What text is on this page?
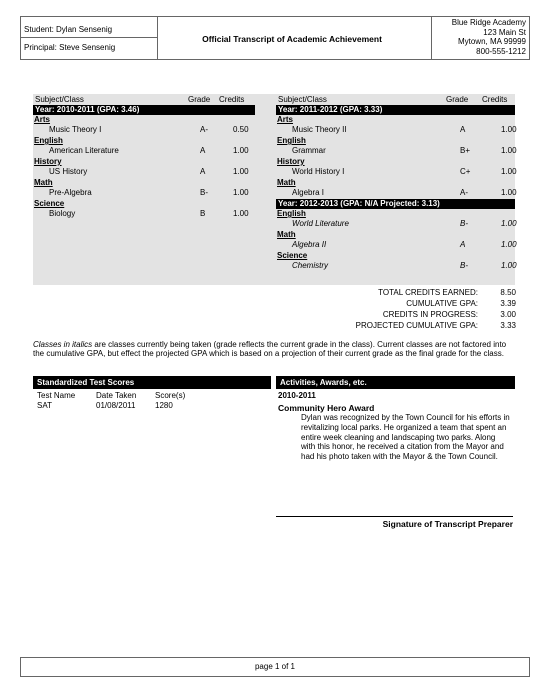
Student: Dylan Sensenig
Principal: Steve Sensenig
Official Transcript of Academic Achievement
Blue Ridge Academy
123 Main St
Mytown, MA 99999
800-555-1212
Subject/Class	Grade Credits
Year: 2010-2011 (GPA: 3.46)
Arts
Music Theory I	A-	0.50
English
American Literature	A	1.00
History
US History	A	1.00
Math
Pre-Algebra	B-	1.00
Science
Biology	B	1.00
Subject/Class	Grade Credits
Year: 2011-2012 (GPA: 3.33)
Arts
Music Theory II	A	1.00
English
Grammar	B+	1.00
History
World History I	C+	1.00
Math
Algebra I	A-	1.00
Year: 2012-2013 (GPA: N/A Projected: 3.13)
English
World Literature	B-	1.00
Math
Algebra II	A	1.00
Science
Chemistry	B-	1.00
TOTAL CREDITS EARNED:	8.50
CUMULATIVE GPA:	3.39
CREDITS IN PROGRESS:	3.00
PROJECTED CUMULATIVE GPA:	3.33
Classes in italics are classes currently being taken (grade reflects the current grade in the class). Current classes are not factored into the cumulative GPA, but effect the projected GPA which is based on a projection of their current grade as the final grade for the class.
Standardized Test Scores
Test Name	Date Taken Score(s)
SAT	01/08/2011 1280
Activities, Awards, etc.
2010-2011
Community Hero Award
Dylan was recognized by the Town Council for his efforts in revitalizing local parks. He organized a team that spent an entire week cleaning and landscaping two parks. Along with this honor, he received a citation from the Mayor and had his photo taken with the Mayor & the Town Council.
Signature of Transcript Preparer
page 1 of 1
